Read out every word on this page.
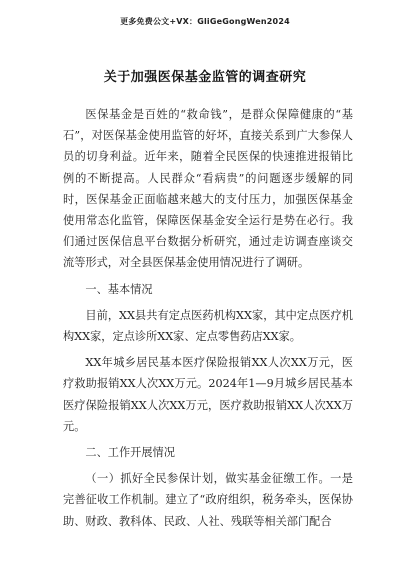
更多免费公文+VX：GliGeGongWen2024
关于加强医保基金监管的调查研究

医保基金是百姓的“救命钱”，是群众保障健康的“基石”，对医保基金使用监管的好坏，直接关系到广大参保人员的切身利益。近年来，随着全民医保的快速推进报销比例的不断提高。人民群众“看病贵”的问题逐步缓解的同时，医保基金正面临越来越大的支付压力，加强医保基金使用常态化监管，保障医保基金安全运行是势在必行。我们通过医保信息平台数据分析研究，通过走访调查座谈交流等形式，对全县医保基金使用情况进行了调研。

一、基本情况

目前，XX县共有定点医药机构XX家，其中定点医疗机构XX家，定点诊所XX家、定点零售药店XX家。

XX年城乡居民基本医疗保险报销XX人次XX万元，医疗救助报销XX人次XX万元。2024年1—9月城乡居民基本医疗保险报销XX人次XX万元，医疗救助报销XX人次XX万元。

二、工作开展情况

（一）抓好全民参保计划，做实基金征缴工作。一是完善征收工作机制。建立了“政府组织，税务牵头，医保协助、财政、教科体、民政、人社、残联等相关部门配合
